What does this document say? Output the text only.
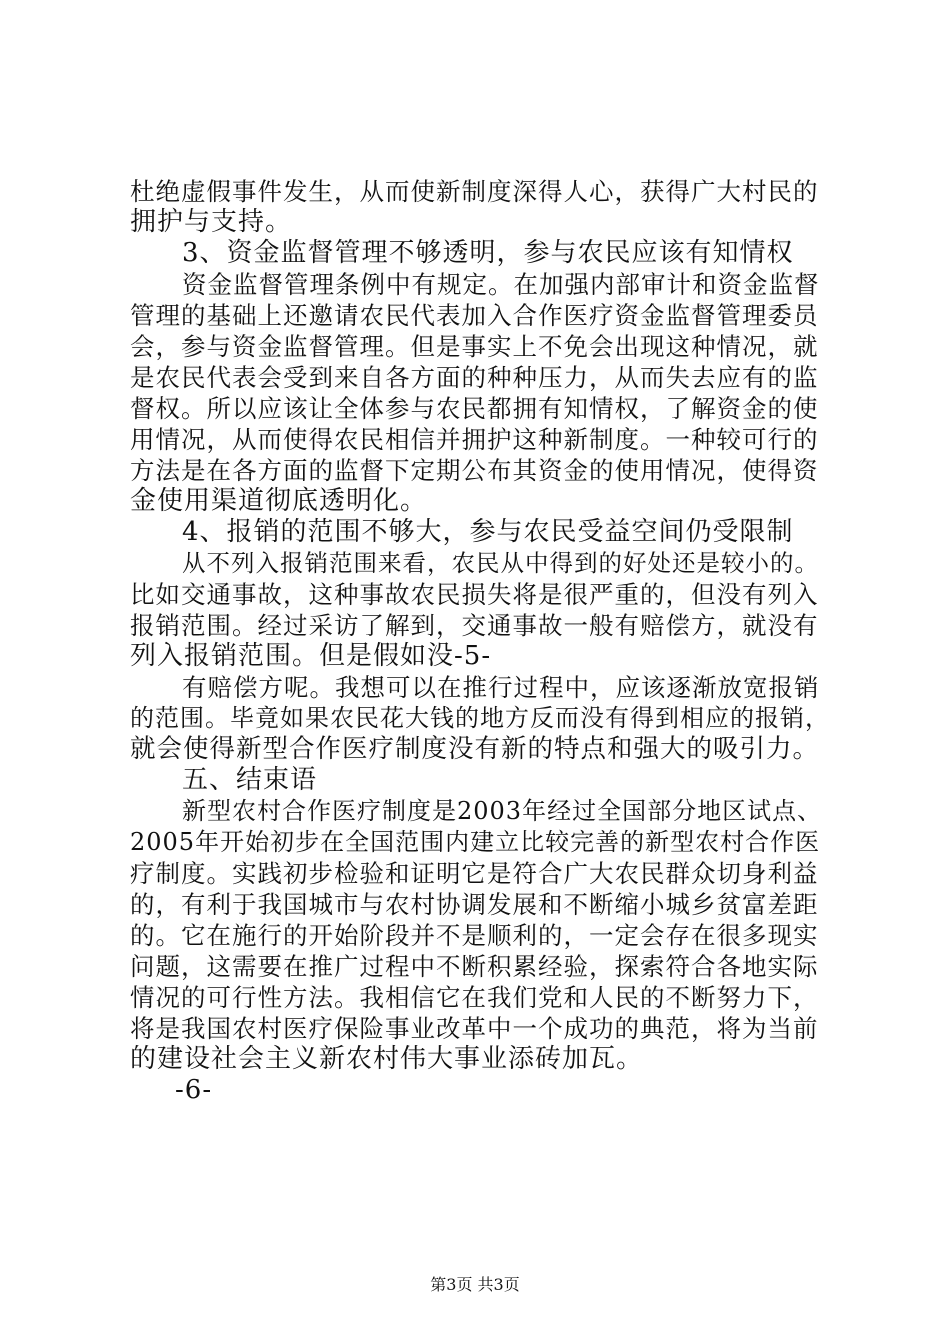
杜绝虚假事件发生，从而使新制度深得人心，获得广大村民的
拥护与支持。
3、资金监督管理不够透明，参与农民应该有知情权
资金监督管理条例中有规定。在加强内部审计和资金监督
管理的基础上还邀请农民代表加入合作医疗资金监督管理委员
会，参与资金监督管理。但是事实上不免会出现这种情况，就
是农民代表会受到来自各方面的种种压力，从而失去应有的监
督权。所以应该让全体参与农民都拥有知情权，了解资金的使
用情况，从而使得农民相信并拥护这种新制度。一种较可行的
方法是在各方面的监督下定期公布其资金的使用情况，使得资
金使用渠道彻底透明化。
4、报销的范围不够大，参与农民受益空间仍受限制
从不列入报销范围来看，农民从中得到的好处还是较小的。
比如交通事故，这种事故农民损失将是很严重的，但没有列入
报销范围。经过采访了解到，交通事故一般有赔偿方，就没有
列入报销范围。但是假如没-5-
有赔偿方呢。我想可以在推行过程中，应该逐渐放宽报销
的范围。毕竟如果农民花大钱的地方反而没有得到相应的报销，
就会使得新型合作医疗制度没有新的特点和强大的吸引力。
五、结束语
新型农村合作医疗制度是2003年经过全国部分地区试点、
2005年开始初步在全国范围内建立比较完善的新型农村合作医
疗制度。实践初步检验和证明它是符合广大农民群众切身利益
的，有利于我国城市与农村协调发展和不断缩小城乡贫富差距
的。它在施行的开始阶段并不是顺利的，一定会存在很多现实
问题，这需要在推广过程中不断积累经验，探索符合各地实际
情况的可行性方法。我相信它在我们党和人民的不断努力下，
将是我国农村医疗保险事业改革中一个成功的典范，将为当前
的建设社会主义新农村伟大事业添砖加瓦。
-6-
第3页 共3页
